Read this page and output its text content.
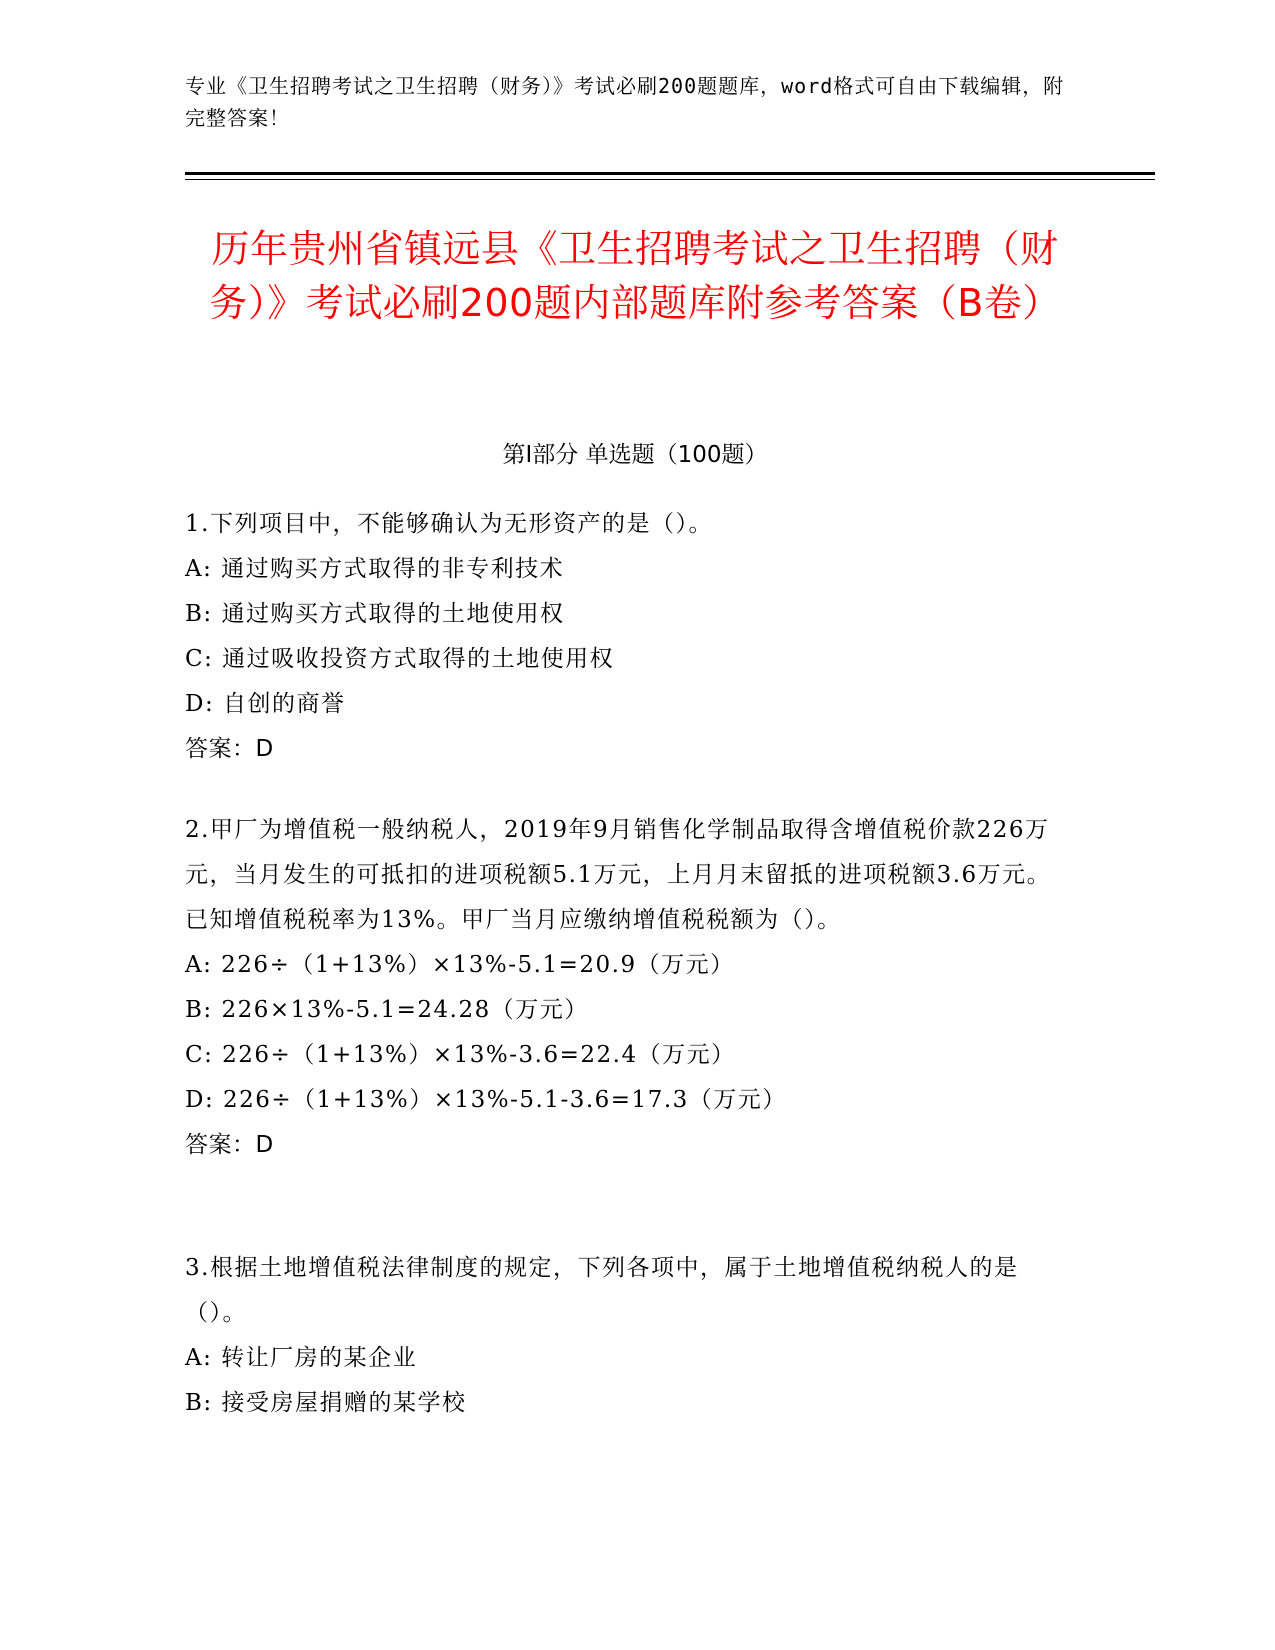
专业《卫生招聘考试之卫生招聘（财务）》考试必刷200题题库，word格式可自由下载编辑，附完整答案！
历年贵州省镇远县《卫生招聘考试之卫生招聘（财务）》考试必刷200题内部题库附参考答案（B卷）
第I部分 单选题（100题）

1.下列项目中，不能够确认为无形资产的是（）。

A: 通过购买方式取得的非专利技术

B: 通过购买方式取得的土地使用权

C: 通过吸收投资方式取得的土地使用权

D: 自创的商誉

答案：D

2.甲厂为增值税一般纳税人，2019年9月销售化学制品取得含增值税价款226万元，当月发生的可抵扣的进项税额5.1万元，上月月末留抵的进项税额3.6万元。已知增值税税率为13%。甲厂当月应缴纳增值税税额为（）。

A: 226÷（1+13%）×13%-5.1=20.9（万元）

B: 226×13%-5.1=24.28（万元）

C: 226÷（1+13%）×13%-3.6=22.4（万元）

D: 226÷（1+13%）×13%-5.1-3.6=17.3（万元）

答案：D

3.根据土地增值税法律制度的规定，下列各项中，属于土地增值税纳税人的是（）。

A: 转让厂房的某企业

B: 接受房屋捐赠的某学校
